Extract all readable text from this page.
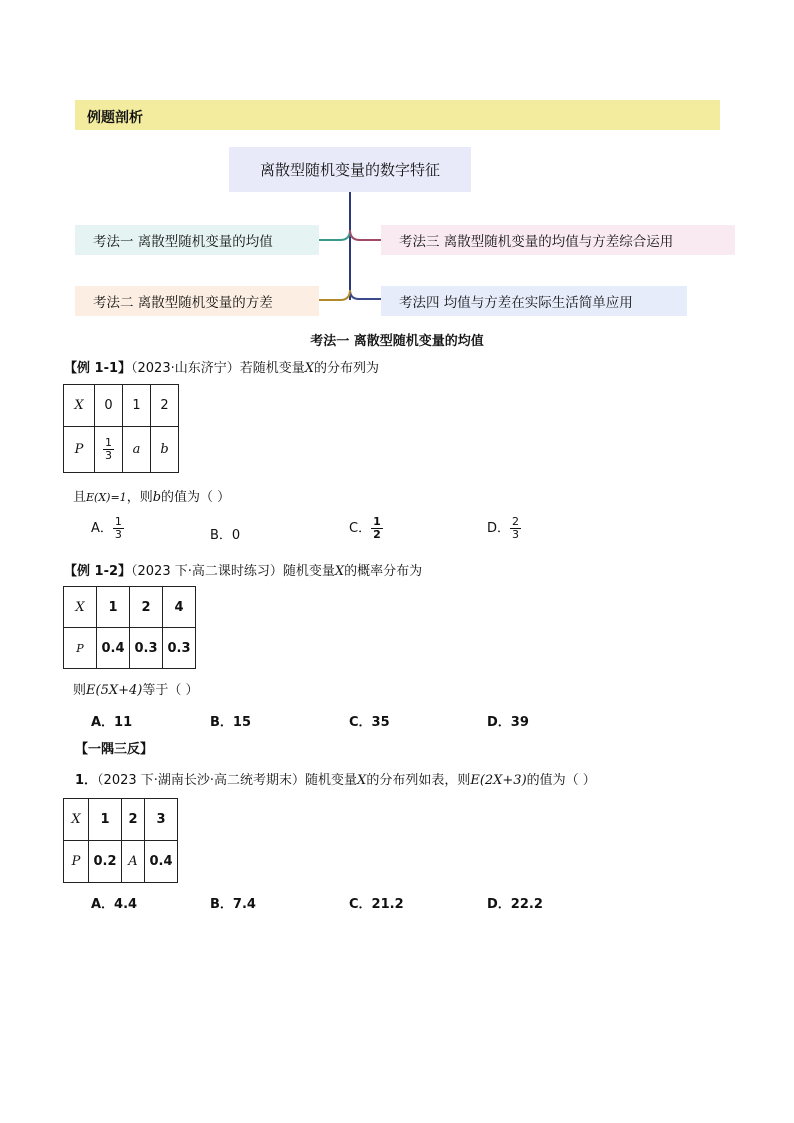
例题剖析
离散型随机变量的数字特征
考法一 离散型随机变量的均值
考法二 离散型随机变量的方差
考法三 离散型随机变量的均值与方差综合运用
考法四 均值与方差在实际生活简单应用
考法一 离散型随机变量的均值
【例 1-1】（2023·山东济宁）若随机变量X的分布列为
X	0	1	2
P	$\frac{1}{3}$	a	b
且E(X)=1，则b的值为（ ）
A． $\frac{1}{3}$	B．0	C． $\frac{1}{2}$	D． $\frac{2}{3}$
【例 1-2】（2023 下·高二课时练习）随机变量X的概率分布为
X	1	2	4
P	0.4	0.3	0.3
则E(5X+4)等于（ ）
A．11	B．15	C．35	D．39
【一隅三反】
1．（2023 下·湖南长沙·高二统考期末）随机变量X的分布列如表，则E(2X+3)的值为（ ）
X	1	2	3
P	0.2	A	0.4
A．4.4	B．7.4	C．21.2	D．22.2
